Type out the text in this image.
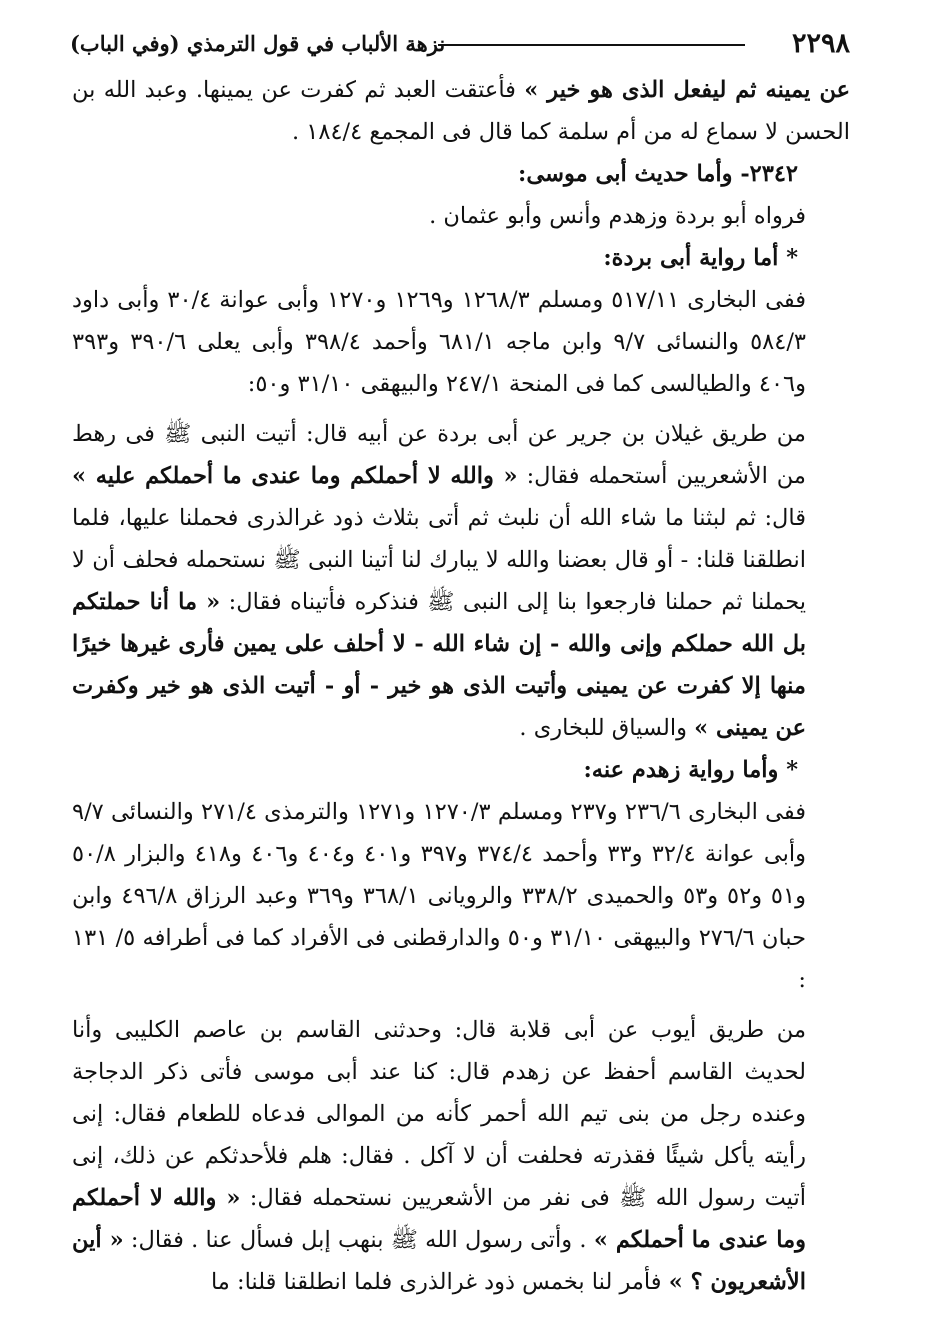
٢٢٩٨
نزهة الألباب في قول الترمذي (وفي الباب)

عن يمينه ثم ليفعل الذى هو خير » فأعتقت العبد ثم كفرت عن يمينها. وعبد الله بن الحسن لا سماع له من أم سلمة كما قال فى المجمع ١٨٤/٤ .

٢٣٤٢- وأما حديث أبى موسى:

فرواه أبو بردة وزهدم وأنس وأبو عثمان .

* أما رواية أبى بردة:

ففى البخارى ٥١٧/١١ ومسلم ١٢٦٨/٣ و١٢٦٩ و١٢٧٠ وأبى عوانة ٣٠/٤ وأبى داود ٥٨٤/٣ والنسائى ٩/٧ وابن ماجه ٦٨١/١ وأحمد ٣٩٨/٤ وأبى يعلى ٣٩٠/٦ و٣٩٣ و٤٠٦ والطيالسى كما فى المنحة ٢٤٧/١ والبيهقى ٣١/١٠ و٥٠:

من طريق غيلان بن جرير عن أبى بردة عن أبيه قال: أتيت النبى ﷺ فى رهط من الأشعريين أستحمله فقال: « والله لا أحملكم وما عندى ما أحملكم عليه » قال: ثم لبثنا ما شاء الله أن نلبث ثم أتى بثلاث ذود غرالذرى فحملنا عليها، فلما انطلقنا قلنا: - أو قال بعضنا والله لا يبارك لنا أتينا النبى ﷺ نستحمله فحلف أن لا يحملنا ثم حملنا فارجعوا بنا إلى النبى ﷺ فنذكره فأتيناه فقال: « ما أنا حملتكم بل الله حملكم وإنى والله - إن شاء الله - لا أحلف على يمين فأرى غيرها خيرًا منها إلا كفرت عن يمينى وأتيت الذى هو خير - أو - أتيت الذى هو خير وكفرت عن يمينى » والسياق للبخارى .

* وأما رواية زهدم عنه:

ففى البخارى ٢٣٦/٦ و٢٣٧ ومسلم ١٢٧٠/٣ و١٢٧١ والترمذى ٢٧١/٤ والنسائى ٩/٧ وأبى عوانة ٣٢/٤ و٣٣ وأحمد ٣٧٤/٤ و٣٩٧ و٤٠١ و٤٠٤ و٤٠٦ و٤١٨ والبزار ٥٠/٨ و٥١ و٥٢ و٥٣ والحميدى ٣٣٨/٢ والرويانى ٣٦٨/١ و٣٦٩ وعبد الرزاق ٤٩٦/٨ وابن حبان ٢٧٦/٦ والبيهقى ٣١/١٠ و٥٠ والدارقطنى فى الأفراد كما فى أطرافه ٥/ ١٣١ :

من طريق أيوب عن أبى قلابة قال: وحدثنى القاسم بن عاصم الكليبى وأنا لحديث القاسم أحفظ عن زهدم قال: كنا عند أبى موسى فأتى ذكر الدجاجة وعنده رجل من بنى تيم الله أحمر كأنه من الموالى فدعاه للطعام فقال: إنى رأيته يأكل شيئًا فقذرته فحلفت أن لا آكل . فقال: هلم فلأحدثكم عن ذلك، إنى أتيت رسول الله ﷺ فى نفر من الأشعريين نستحمله فقال: « والله لا أحملكم وما عندى ما أحملكم » . وأتى رسول الله ﷺ بنهب إبل فسأل عنا . فقال: « أين الأشعريون ؟ » فأمر لنا بخمس ذود غرالذرى فلما انطلقنا قلنا: ما
